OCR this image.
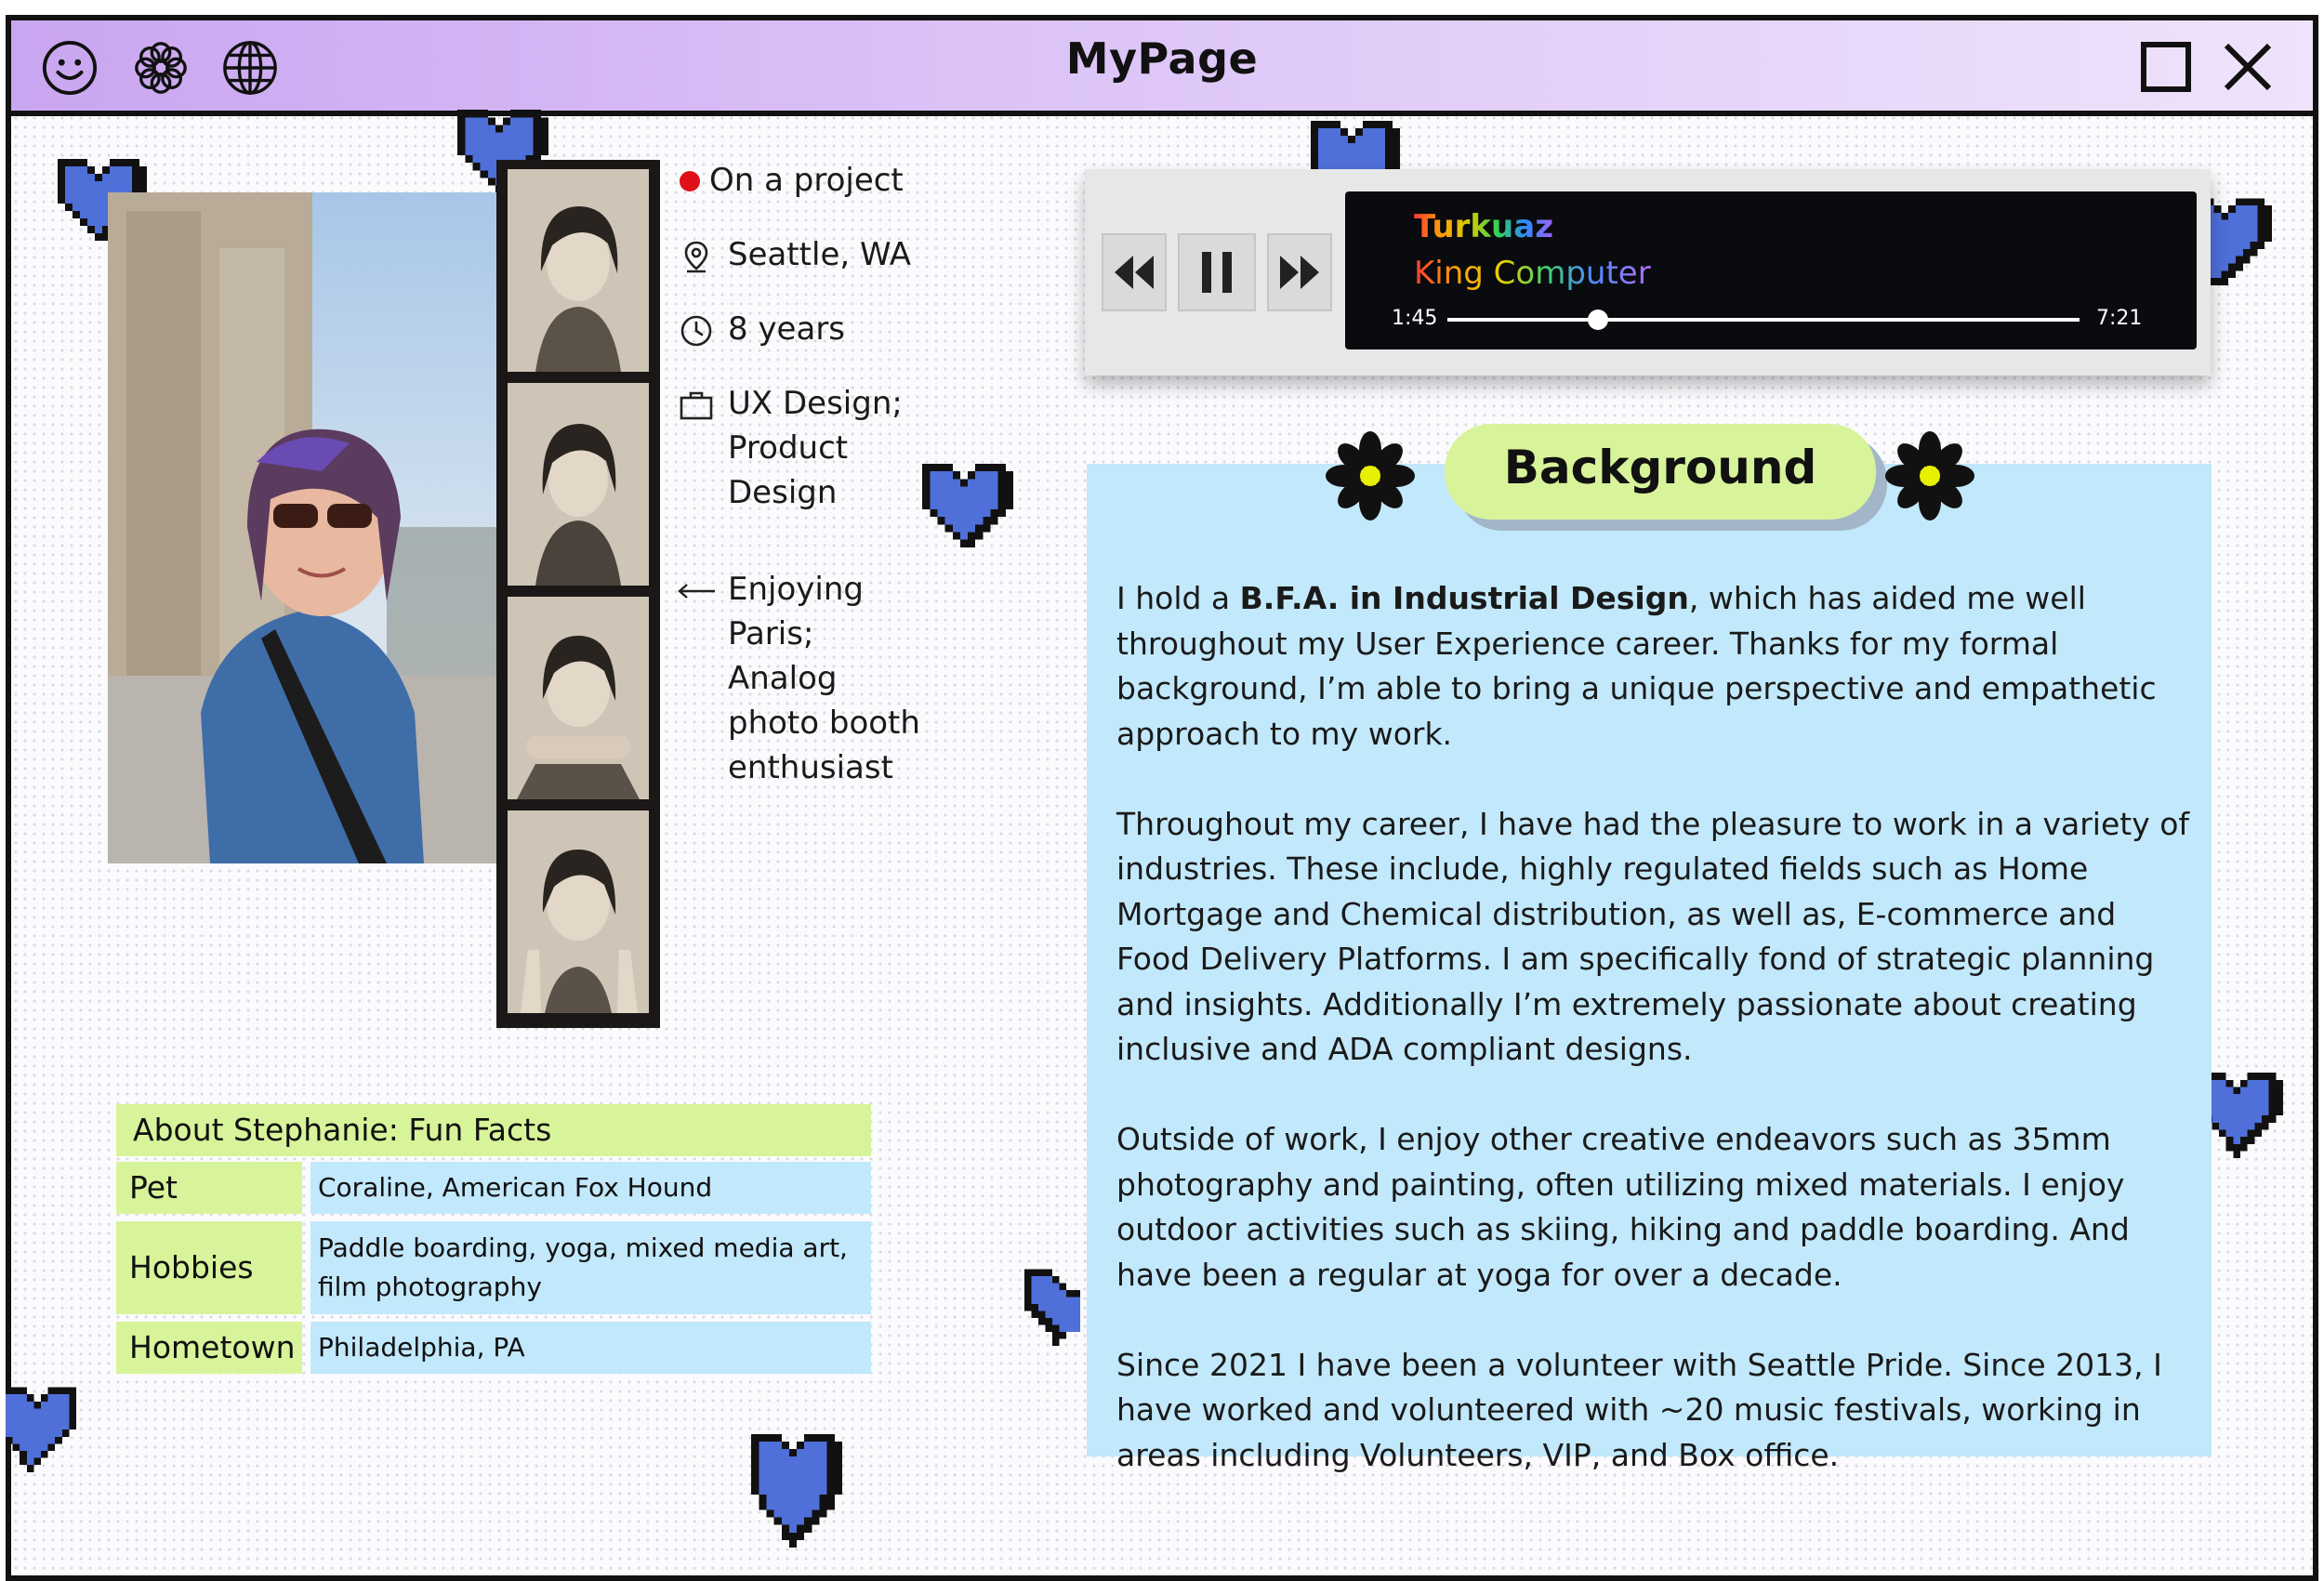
MyPage
On a project
Seattle, WA
8 years
UX Design; Product Design
Enjoying Paris; Analog photo booth enthusiast
Turkuaz
King Computer
1:45	7:21
Background

I hold a B.F.A. in Industrial Design, which has aided me well throughout my User Experience career. Thanks for my formal background, I’m able to bring a unique perspective and empathetic approach to my work.

Throughout my career, I have had the pleasure to work in a variety of industries. These include, highly regulated fields such as Home Mortgage and Chemical distribution, as well as, E-commerce and Food Delivery Platforms. I am specifically fond of strategic planning and insights. Additionally I’m extremely passionate about creating inclusive and ADA compliant designs.

Outside of work, I enjoy other creative endeavors such as 35mm photography and painting, often utilizing mixed materials. I enjoy outdoor activities such as skiing, hiking and paddle boarding. And have been a regular at yoga for over a decade.

Since 2021 I have been a volunteer with Seattle Pride. Since 2013, I have worked and volunteered with ~20 music festivals, working in areas including Volunteers, VIP, and Box office.

About Stephanie: Fun Facts
Pet	Coraline, American Fox Hound
Hobbies
Paddle boarding, yoga, mixed media art, film photography
Hometown Philadelphia, PA
